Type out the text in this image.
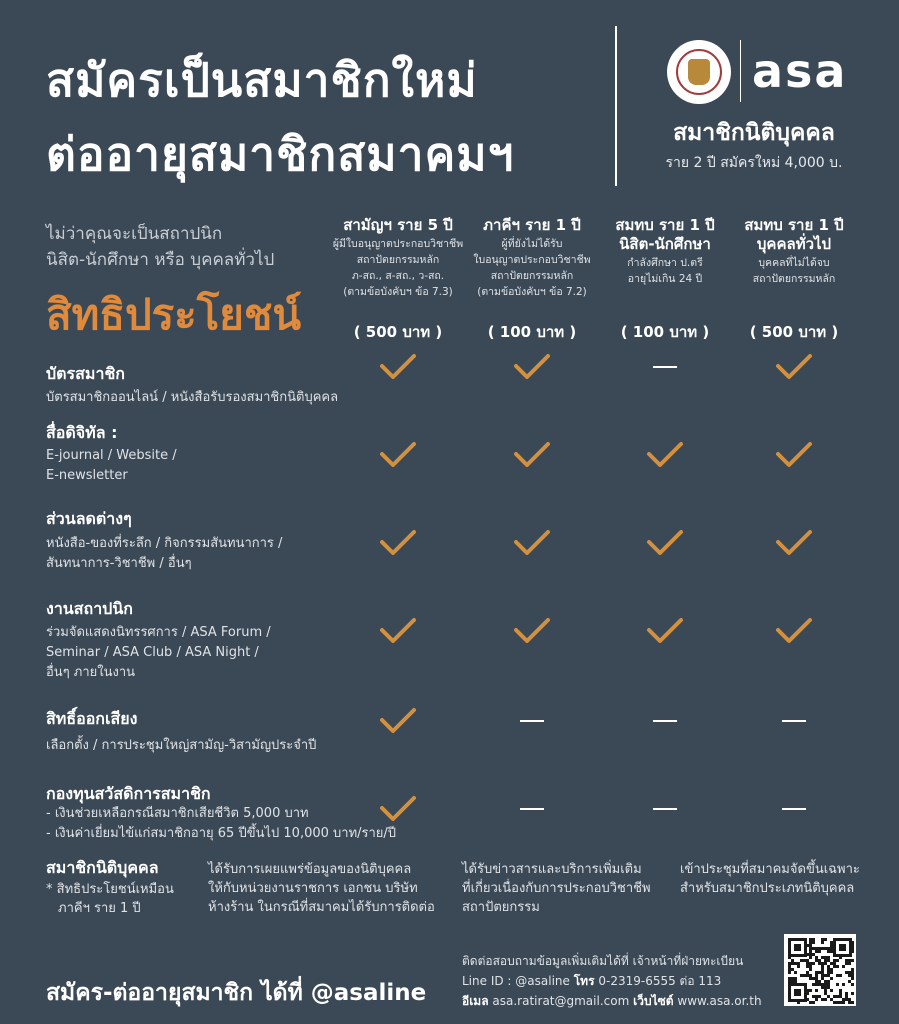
สมัครเป็นสมาชิกใหม่
ต่ออายุสมาชิกสมาคมฯ
asa
สมาชิกนิติบุคคล
ราย 2 ปี สมัครใหม่ 4,000 บ.
ไม่ว่าคุณจะเป็นสถาปนิก
นิสิต-นักศึกษา หรือ บุคคลทั่วไป
สิทธิประโยชน์
สามัญฯ ราย 5 ปี
ผู้มีใบอนุญาตประกอบวิชาชีพ
สถาปัตยกรรมหลัก
ภ-สถ., ส-สถ., ว-สถ.
(ตามข้อบังคับฯ ข้อ 7.3)
( 500 บาท )
ภาคีฯ ราย 1 ปี
ผู้ที่ยังไม่ได้รับ
ใบอนุญาตประกอบวิชาชีพ
สถาปัตยกรรมหลัก
(ตามข้อบังคับฯ ข้อ 7.2)
( 100 บาท )
สมทบ ราย 1 ปี
นิสิต-นักศึกษา
กำลังศึกษา ป.ตรี
อายุไม่เกิน 24 ปี
( 100 บาท )
สมทบ ราย 1 ปี
บุคคลทั่วไป
บุคคลที่ไม่ได้จบ
สถาปัตยกรรมหลัก
( 500 บาท )
บัตรสมาชิก
บัตรสมาชิกออนไลน์ / หนังสือรับรองสมาชิกนิติบุคคล
สื่อดิจิทัล :
E-journal / Website /
E-newsletter
ส่วนลดต่างๆ
หนังสือ-ของที่ระลึก / กิจกรรมสันทนาการ /
สันทนาการ-วิชาชีพ / อื่นๆ
งานสถาปนิก
ร่วมจัดแสดงนิทรรศการ / ASA Forum /
Seminar / ASA Club / ASA Night /
อื่นๆ ภายในงาน
สิทธิ์ออกเสียง
เลือกตั้ง / การประชุมใหญ่สามัญ-วิสามัญประจำปี
กองทุนสวัสดิการสมาชิก
- เงินช่วยเหลือกรณีสมาชิกเสียชีวิต 5,000 บาท
- เงินค่าเยี่ยมไข้แก่สมาชิกอายุ 65 ปีขึ้นไป 10,000 บาท/ราย/ปี
สมาชิกนิติบุคคล
* สิทธิประโยชน์เหมือน
ภาคีฯ ราย 1 ปี
ได้รับการเผยแพร่ข้อมูลของนิติบุคคล
ให้กับหน่วยงานราชการ เอกชน บริษัท
ห้างร้าน ในกรณีที่สมาคมได้รับการติดต่อ
ได้รับข่าวสารและบริการเพิ่มเติม
ที่เกี่ยวเนื่องกับการประกอบวิชาชีพ
สถาปัตยกรรม
เข้าประชุมที่สมาคมจัดขึ้นเฉพาะ
สำหรับสมาชิกประเภทนิติบุคคล
สมัคร-ต่ออายุสมาชิก ได้ที่ @asaline
ติดต่อสอบถามข้อมูลเพิ่มเติมได้ที่ เจ้าหน้าที่ฝ่ายทะเบียน
Line ID : @asaline โทร 0-2319-6555 ต่อ 113
อีเมล asa.ratirat@gmail.com เว็บไซต์ www.asa.or.th
